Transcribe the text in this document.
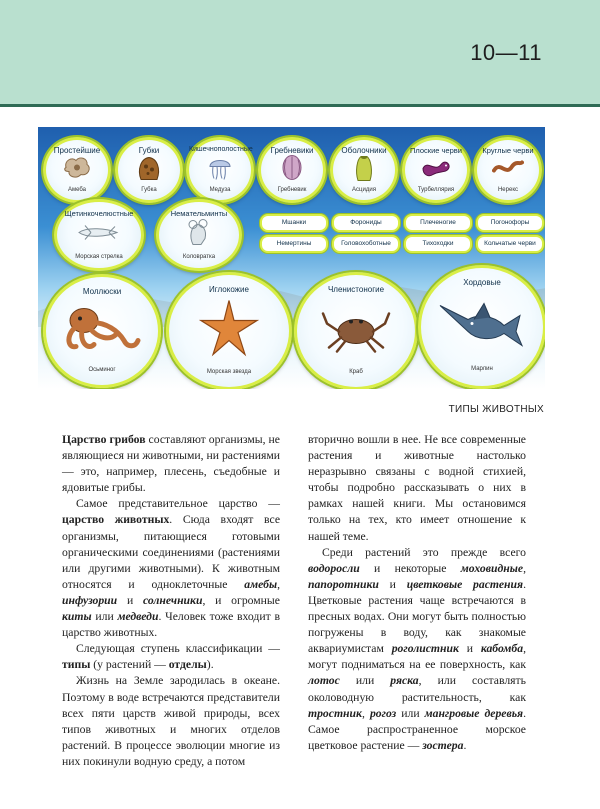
10—11
Простейшие
Амеба
Губки
Губка
Кишечнополостные
Медуза
Гребневики
Гребневик
Оболочники
Асцидия
Плоские черви
Турбеллярия
Круглые черви
Нерекс
Щетинкочелюстные
Морская стрелка
Немательминты
Коловратка
Мшанки	Форониды	Плеченогие	Погонофоры
Немертины	Головохоботные	Тихоходки	Кольчатые черви
Моллюски
Осьминог
Иглокожие
Морская звезда
Членистоногие
Краб
Хордовые
Марлин
ТИПЫ ЖИВОТНЫХ

Царство грибов составляют организмы, не являющиеся ни животными, ни растениями — это, например, плесень, съедобные и ядовитые грибы.

Самое представительное царство — царство животных. Сюда входят все организмы, питающиеся готовыми органическими соединениями (растениями или другими животными). К животным относятся и одноклеточные амебы, инфузории и солнечники, и огромные киты или медведи. Человек тоже входит в царство животных.

Следующая ступень классификации — типы (у растений — отделы).

Жизнь на Земле зародилась в океане. Поэтому в воде встречаются представители всех пяти царств живой природы, всех типов животных и многих отделов растений. В процессе эволюции многие из них покинули водную среду, а потом

вторично вошли в нее. Не все современные растения и животные настолько неразрывно связаны с водной стихией, чтобы подробно рассказывать о них в рамках нашей книги. Мы остановимся только на тех, кто имеет отношение к нашей теме.

Среди растений это прежде всего водоросли и некоторые моховидные, папоротники и цветковые растения. Цветковые растения чаще встречаются в пресных водах. Они могут быть полностью погружены в воду, как знакомые аквариумистам роголистник и кабомба, могут подниматься на ее поверхность, как лотос или ряска, или составлять околоводную растительность, как тростник, рогоз или мангровые деревья. Самое распространенное морское цветковое растение — зостера.
